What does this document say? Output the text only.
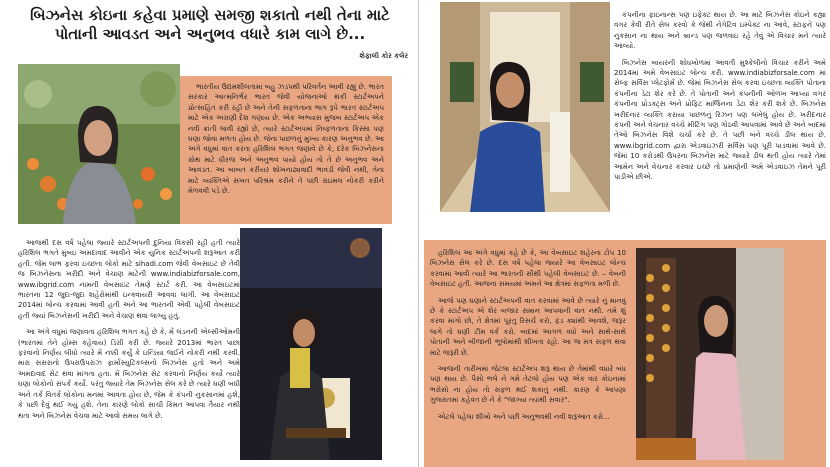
બિઝનેસ કોઇના કહેવા પ્રમાણે સમજી શકાતો નથી તેના માટે પોતાની આવડત અને અનુભવ વધારે કામ લાગે છે...
શેફાલી કોર કલેર

ભારતીય ઉદ્યમશીલતામાં બહુ ઝડપથી પરિવર્તન આવી રહ્યું છે. ભારત સરકાર આત્મનિર્ભર ભારત જેવી યોજનાઓ થકી સ્ટાર્ટઅપને પ્રોત્સાહિત કરી રહી છે અને તેની સફળતાના ભાગ રૂપે ભારત સ્ટાર્ટઅપ માટે એક અગ્રણી દેશ ગણાય છે. એક અભ્યાસ મુજબ સ્ટાર્ટઅપ એક નવી ક્રાંતી લાવી રહ્યો છે, ત્યારે સ્ટાર્ટઅપમાં નિષ્ફળતાના કિસ્સા પણ ઘણા જોવા મળતા હોય છે. જેના પાછળનું મુખ્ય કારણ અનુભવ છે. આ અંગે વધુમાં વાત કરતા હરિશિલ ભગત જણાવે છે કે, દરેક બિઝનેસના ગ્રોથ માટે ધીરજ અને અનુભવ પાયો હોય તો તે છે અનુભવ અને આવડત. આ બાબત કરીયર શોખનાઢ્યવાદી ભાવડી જેવી નથી, તેના માટે વ્યક્તિએ સખત પરિશ્રમ કરીને તે પછી રાઇમલ નોકરી કરીને મેળવવી પડે છે.

આજથી દસ વર્ષ પહેલા જ્યારે સ્ટાર્ટઅપની દુનિયા વિકસી રહી હતી ત્યારે હરિશિલ ભગતે મુંબઇ અમદાવાદ આવીને એક યુનિક સ્ટાર્ટઅપની શરૂઆત કરી હતી. જેમ લાભ ફરવા ઇચ્છતા લોકો માટે sihadi.com જેવી વેબસાઇટ છે તેવી જ બિઝનેસના ખરીદી અને વેચાણ માટેની www.indiabizforsale.com, www.ibgrid.com નામની વેબસાઇટ તેમણે સ્ટાર્ટ કરી. આ વેબસાઇટમાં ભારતના 12 જુદા-જુદા શહેરોમાંથી ઇન્ક્વાયરી આવવા લાગી. આ વેબસાઇટ 2014માં લોન્ચ કરવામાં આવી હતી અને આ ભારતની એવી પહેલી વેબસાઇટ હતી જ્યાં બિઝનેસની ખરીદી અને વેચાણ થવા લાગ્યું હતું.

આ અંગે વધુમાં જણાવતા હરિશિલ ભગત કહે છે કે, મેં લંડનની એલ્સીઓમની (ભારતમાં તેને હોમ્સ કહેવાય) ડિગ્રી કરી છે. જ્યારે 2013માં ભારત પાછા ફરવાનો નિર્ણય લીધો ત્યારે મેં નક્કી કર્યું કે ઇન્ડિયા જઈને નોકરી નથી કરવી. મારા સસરાનો ઉપરાઉપરાંઝ ફાર્માસ્યુટિકલ્સનો બિઝનેસ હતો અને અમે અમદાવાદ સેટ થવા માંગતા હતા. મેં બિઝનેસ સેટ કરવાનો નિર્ણય કર્યો ત્યારે ઘણા લોકોનો સંપર્ક કર્યો. પરંતુ જ્યારે તેમ બિઝનેસ સેલ કરે છે ત્યારે ઘણી બધી અને તર્ક વિતર્ક લોકોના મનમાં આવતા હોય છે, જેમ કે કંપની નુકસાનમાં હશે, કે પછી દેવું થઈ ગયું હશે. તેના કારણે લોકો સાચી કિંમત આપવા તૈયાર નથી થતા અને બિઝનેસ વેચવા માટે આવો સમય લાગે છે.

કંપનીના ફાઇનાન્સ પણ ઇફેક્ટ થાય છે. આ માટે બિઝનેસ કોઇને કહ્યા વગર કેવી રીતે સેલ કરવો કે જેથી નેગેટિવ ઇમ્પેક્ટ ના આવે, સ્ટાફને પણ નુકસાન ના થાય અને બ્રાન્ડ પણ જળવાઇ રહે તેવું એ વિચાર મને ત્યારે આવ્યો.

બિઝનેસ બાયરની શોધખોળમાં આવતી મુશ્કેલીનો વિચાર કરીને અમે 2014માં અમે વેબસાઇટ લોન્ચ કરી. www.indiabizforsale.com માં સેલ્ફ સર્વિસ પ્લેટફોર્મ છે. જેમાં બિઝનેસ સેલ કરવા ઇચ્છતા વ્યક્તિ પોતાના કંપનીના ડેટા શેર કરે છે. તે પોતાની અને કંપનીની ઓળખ આપ્યા વગર કંપનીના પ્રોડક્ટ્સ અને પ્રોફિટ માર્જિનના ડેટા શેર કરી શકે છે. બિઝનેસ ખરીદનાર વ્યક્તિ કરાયા પાછળનું રિઝન પણ લખેલું હોય છે. ખરીદનાર કંપની અને વેચનાર વચ્ચે મીટિંગ પણ ગોઠવી આપવામાં આવે છે અને બાદમાં તેઓ બિઝનેસ વિશે ચર્ચા કરે છે. તે પછી બંને વચ્ચે ડીલ થાય છે. www.ibgrid.com દ્વારા એડવાઇઝરી સર્વિસ પણ પૂરી પાડવામાં આવે છે. જેમાં 10 કરોડથી ઉપરના બિઝનેસ માટે જ્યારે ડીલ થતી હોય ત્યારે તેમાં આમેન અને વેચનાર કરવાર ઇચ્છે તો પ્રમાણેની અમે એડવાઇઝ તેમને પૂરી પાડીએ છીએ.

હરિશિલ આ અંગે વધુમાં કહે છે કે, આ વેબસાઇટ શહેરના ટોપ 10 બિઝનેસ સેલ કરે છે. દસ વર્ષ પહેલા જ્યારે આ વેબસાઇટ લોન્ચ કરવામાં આવી ત્યારે આ ભારતની સૌથી પહેલી વેબસાઇટ છે. – વેબની વેબસાઇટ હતી. આજના સમયમાં અમને આ ક્ષેત્રમાં સફળતા મળી છે.

આજે પણ ઘણાને સ્ટાર્ટઅપની વાત કરવામાં આવે છે ત્યારે નું માનવું છે કે સ્ટાર્ટઅપ એ શેર બજાર સમાન આપવાની વાત નથી. તમે શું કરવા માંગો છો, તે ક્ષેત્રમાં પૂરતુ રિસર્ચ કરો, ફંડ ક્યાંથી આવશે, જરૂર લાગે તો ઘણી ટીમ વર્ક કરો. બાદમાં આગળ વધો અને સાથે-સાથે પોતાની અને બીજાની ભૂલોમાંથી શીખતા રહો. આ જ મંત્ર સફળ થવા માટે જરૂરી છે.

આજની તારીખમાં જેટલા સ્ટાર્ટઅપ શરૂ થાય છે તેમાંથી વધારે બંધ પણ થાય છે. પૈસો ભલે ને ગમે તેટલો હોય પણ એક વાર કોઇનામાં ભરોસો ના હોય તો સફળ થઈ શકાતું નથી. કારણ કે આપણા ગુજરાતમાં કહેવત છે ને કે "જાગ્યા ત્યાંથી સવાર".

એટલે પહેલા શીખો અને પછી અનુભવથી નવી શરૂઆત કરો...
